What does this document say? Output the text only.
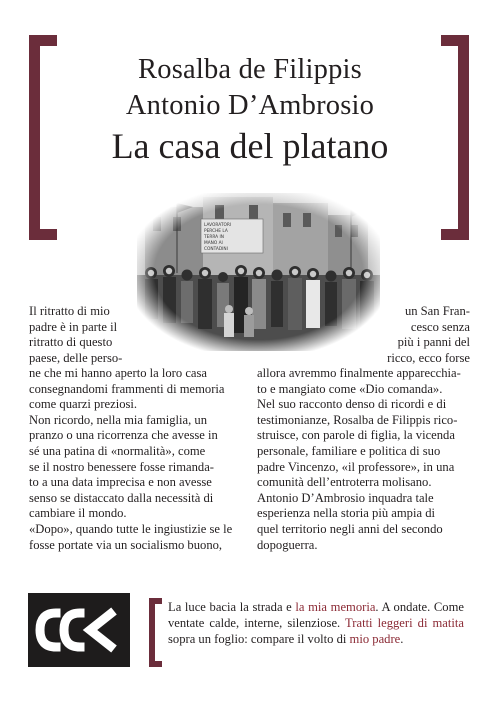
Rosalba de Filippis
Antonio D’Ambrosio
La casa del platano

Il ritratto di mio

padre è in parte il

ritratto di questo

paese, delle perso-

ne che mi hanno aperto la loro casa

consegnandomi frammenti di memoria

come quarzi preziosi.

Non ricordo, nella mia famiglia, un

pranzo o una ricorrenza che avesse in

sé una patina di «normalità», come

se il nostro benessere fosse rimanda-

to a una data imprecisa e non avesse

senso se distaccato dalla necessità di

cambiare il mondo.

«Dopo», quando tutte le ingiustizie se le

fosse portate via un socialismo buono,

un San Fran-

cesco senza

più i panni del

ricco, ecco forse

allora avremmo finalmente apparecchia-

to e mangiato come «Dio comanda».

Nel suo racconto denso di ricordi e di

testimonianze, Rosalba de Filippis rico-

struisce, con parole di figlia, la vicenda

personale, familiare e politica di suo

padre Vincenzo, «il professore», in una

comunità dell’entroterra molisano.

Antonio D’Ambrosio inquadra tale

esperienza nella storia più ampia di

quel territorio negli anni del secondo

dopoguerra.

La luce bacia la strada e la mia memoria. A ondate. Come ventate calde, interne, silenziose. Tratti leggeri di matita sopra un foglio: compare il volto di mio padre.
